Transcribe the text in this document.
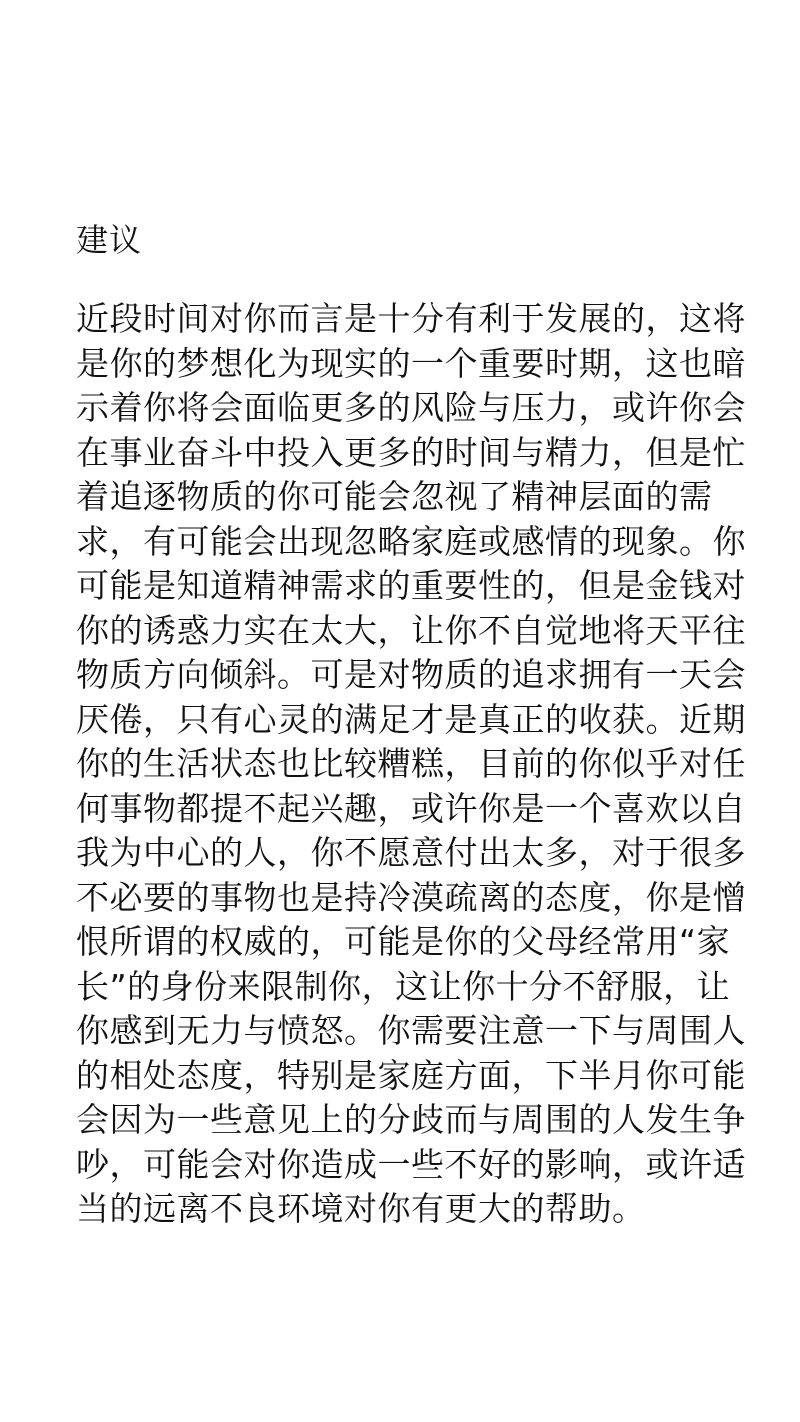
建议
近段时间对你而言是十分有利于发展的，这将
是你的梦想化为现实的一个重要时期，这也暗
示着你将会面临更多的风险与压力，或许你会
在事业奋斗中投入更多的时间与精力，但是忙
着追逐物质的你可能会忽视了精神层面的需
求，有可能会出现忽略家庭或感情的现象。你
可能是知道精神需求的重要性的，但是金钱对
你的诱惑力实在太大，让你不自觉地将天平往
物质方向倾斜。可是对物质的追求拥有一天会
厌倦，只有心灵的满足才是真正的收获。近期
你的生活状态也比较糟糕，目前的你似乎对任
何事物都提不起兴趣，或许你是一个喜欢以自
我为中心的人，你不愿意付出太多，对于很多
不必要的事物也是持冷漠疏离的态度，你是憎
恨所谓的权威的，可能是你的父母经常用“家
长”的身份来限制你，这让你十分不舒服，让
你感到无力与愤怒。你需要注意一下与周围人
的相处态度，特别是家庭方面，下半月你可能
会因为一些意见上的分歧而与周围的人发生争
吵，可能会对你造成一些不好的影响，或许适
当的远离不良环境对你有更大的帮助。
